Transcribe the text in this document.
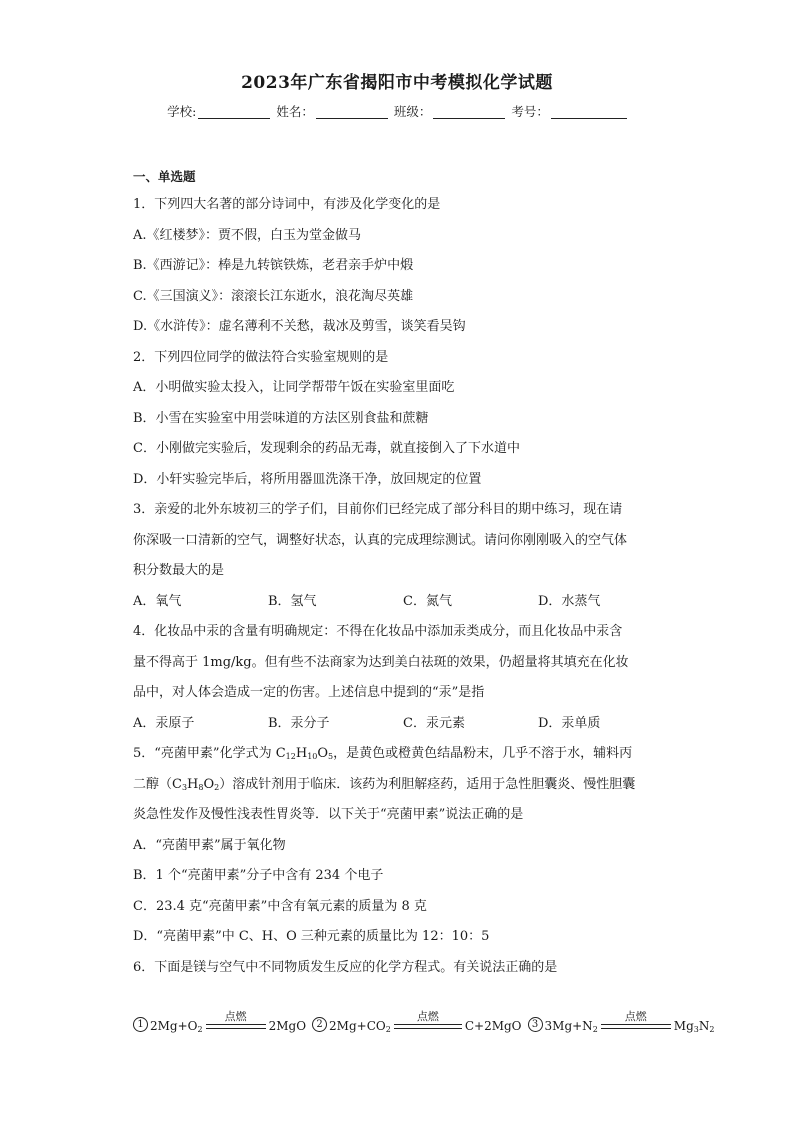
2023年广东省揭阳市中考模拟化学试题
学校:	姓名：	班级：	考号：
一、单选题
1．下列四大名著的部分诗词中，有涉及化学变化的是
A.《红楼梦》：贾不假，白玉为堂金做马
B.《西游记》：棒是九转镔铁炼，老君亲手炉中煅
C.《三国演义》：滚滚长江东逝水，浪花淘尽英雄
D.《水浒传》：虚名薄利不关愁，裁冰及剪雪，谈笑看吴钩
2．下列四位同学的做法符合实验室规则的是
A．小明做实验太投入，让同学帮带午饭在实验室里面吃
B．小雪在实验室中用尝味道的方法区别食盐和蔗糖
C．小刚做完实验后，发现剩余的药品无毒，就直接倒入了下水道中
D．小轩实验完毕后，将所用器皿洗涤干净，放回规定的位置
3．亲爱的北外东坡初三的学子们，目前你们已经完成了部分科目的期中练习，现在请
你深吸一口清新的空气，调整好状态，认真的完成理综测试。请问你刚刚吸入的空气体
积分数最大的是
A．氧气	B．氢气	C．氮气	D．水蒸气
4．化妆品中汞的含量有明确规定：不得在化妆品中添加汞类成分，而且化妆品中汞含
量不得高于 1mg/kg。但有些不法商家为达到美白祛斑的效果，仍超量将其填充在化妆
品中，对人体会造成一定的伤害。上述信息中提到的“汞”是指
A．汞原子	B．汞分子	C．汞元素	D．汞单质
5．“亮菌甲素”化学式为 $C_{12}H_{10}O_5$，是黄色或橙黄色结晶粉末，几乎不溶于水，辅料丙
二醇$(C_3H_8O_2)$溶成针剂用于临床．该药为利胆解痉药，适用于急性胆囊炎、慢性胆囊
炎急性发作及慢性浅表性胃炎等．以下关于“亮菌甲素”说法正确的是
A．“亮菌甲素”属于氧化物
B．1 个“亮菌甲素”分子中含有 234 个电子
C．23.4 克“亮菌甲素”中含有氧元素的质量为 8 克
D．“亮菌甲素”中 C、H、O 三种元素的质量比为 12：10：5
6．下面是镁与空气中不同物质发生反应的化学方程式。有关说法正确的是
1 $2Mg+O_2$
点燃
2MgO	2 $2Mg+CO_2$
点燃
C+2MgO	3 $3Mg+N_2$
点燃
$Mg_3N_2$
